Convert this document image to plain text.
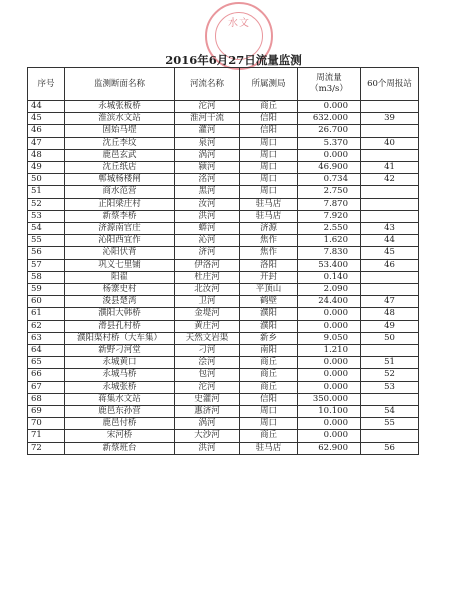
水文
2016年6月27日流量监测
序号	监测断面名称	河流名称	所属测局	周流量
（m3/s）	60个周报站
44	永城张板桥	沱河	商丘	0.000	
45	淮滨水文站	淮河干流	信阳	632.000	39
46	固始马堽	灌河	信阳	26.700	
47	沈丘李坟	泉河	周口	5.370	40
48	鹿邑玄武	涡河	周口	0.000	
49	沈丘纸店	颍河	周口	46.900	41
50	郸城杨楼闸	洺河	周口	0.734	42
51	商水范营	黑河	周口	2.750	
52	正阳梁庄村	汝河	驻马店	7.870	
53	新蔡李桥	洪河	驻马店	7.920	
54	济源南官庄	蟒河	济源	2.550	43
55	沁阳西宜作	沁河	焦作	1.620	44
56	沁阳伏背	济河	焦作	7.830	45
57	巩义七里铺	伊洛河	洛阳	53.400	46
58	阳翟	杜庄河	开封	0.140	
59	杨寨史村	北汝河	平顶山	2.090	
60	浚县楚湾	卫河	鹤壁	24.400	47
61	濮阳大韩桥	金堤河	濮阳	0.000	48
62	滑县孔村桥	黄庄河	濮阳	0.000	49
63	濮阳渠村桥（大车集）	天然文岩渠	新乡	9.050	50
64	新野刁河堂	刁河	南阳	1.210	
65	永城黄口	浍河	商丘	0.000	51
66	永城马桥	包河	商丘	0.000	52
67	永城张桥	沱河	商丘	0.000	53
68	蒋集水文站	史灌河	信阳	350.000	
69	鹿邑东孙营	惠济河	周口	10.100	54
70	鹿邑付桥	涡河	周口	0.000	55
71	宋河桥	大沙河	商丘	0.000	
72	新蔡班台	洪河	驻马店	62.900	56
